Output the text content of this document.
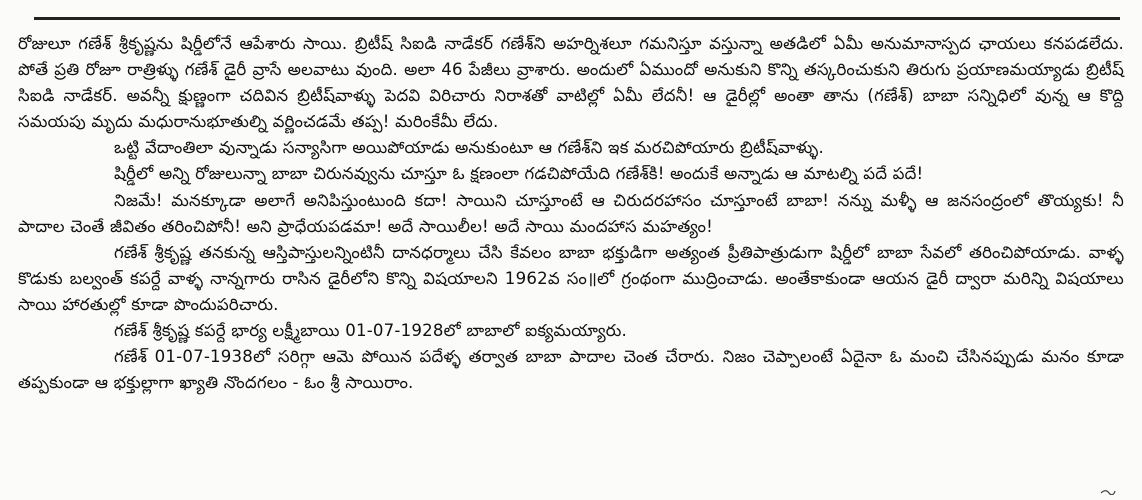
రోజులూ గణేశ్ శ్రీకృష్ణను షిర్డీలోనే ఆపేశారు సాయి. బ్రిటీష్ సిఐడి నాడేకర్ గణేశ్‌ని అహర్నిశలూ గమనిస్తూ వస్తున్నా అతడిలో ఏమీ అనుమానాస్పద ఛాయలు కనపడలేదు. పోతే ప్రతి రోజూ రాత్రిళ్ళు గణేశ్ డైరీ వ్రాసే అలవాటు వుంది. అలా 46 పేజీలు వ్రాశారు. అందులో ఏముందో అనుకుని కొన్ని తస్కరించుకుని తిరుగు ప్రయాణమయ్యాడు బ్రిటీష్ సిఐడి నాడేకర్. అవన్నీ క్షుణ్ణంగా చదివిన బ్రిటీష్‌వాళ్ళు పెదవి విరిచారు నిరాశతో వాటిల్లో ఏమీ లేదనీ! ఆ డైరీల్లో అంతా తాను (గణేశ్) బాబా సన్నిధిలో వున్న ఆ కొద్ది సమయపు మృదు మధురానుభూతుల్ని వర్ణించడమే తప్ప! మరింకేమీ లేదు.

ఒట్టి వేదాంతిలా వున్నాడు సన్యాసిగా అయిపోయాడు అనుకుంటూ ఆ గణేశ్‌ని ఇక మరచిపోయారు బ్రిటీష్‌వాళ్ళు.

షిర్డీలో అన్ని రోజులున్నా బాబా చిరునవ్వును చూస్తూ ఓ క్షణంలా గడచిపోయేది గణేశ్‌కి! అందుకే అన్నాడు ఆ మాటల్ని పదే పదే!

నిజమే! మనక్కూడా అలాగే అనిపిస్తుంటుంది కదా! సాయిని చూస్తూంటే ఆ చిరుదరహాసం చూస్తూంటే బాబా! నన్ను మళ్ళీ ఆ జనసంద్రంలో తొయ్యకు! నీ పాదాల చెంతే జీవితం తరించిపోనీ! అని ప్రాధేయపడమా! అదే సాయిలీల! అదే సాయి మందహాస మహత్యం!

గణేశ్ శ్రీకృష్ణ తనకున్న ఆస్తిపాస్తులన్నింటినీ దానధర్మాలు చేసి కేవలం బాబా భక్తుడిగా అత్యంత ప్రీతిపాత్రుడుగా షిర్డీలో బాబా సేవలో తరించిపోయాడు. వాళ్ళ కొడుకు బల్వంత్ కపర్దే వాళ్ళ నాన్నగారు రాసిన డైరీలోని కొన్ని విషయాలని 1962వ సం॥లో గ్రంథంగా ముద్రించాడు. అంతేకాకుండా ఆయన డైరీ ద్వారా మరిన్ని విషయాలు సాయి హారతుల్లో కూడా పొందుపరిచారు.

గణేశ్ శ్రీకృష్ణ కపర్దే భార్య లక్ష్మీబాయి 01-07-1928లో బాబాలో ఐక్యమయ్యారు.

గణేశ్ 01-07-1938లో సరిగ్గా ఆమె పోయిన పదేళ్ళ తర్వాత బాబా పాదాల చెంత చేరారు. నిజం చెప్పాలంటే ఏదైనా ఓ మంచి చేసినప్పుడు మనం కూడా తప్పకుండా ఆ భక్తుల్లాగా ఖ్యాతి నొందగలం - ఓం శ్రీ సాయిరాం.
